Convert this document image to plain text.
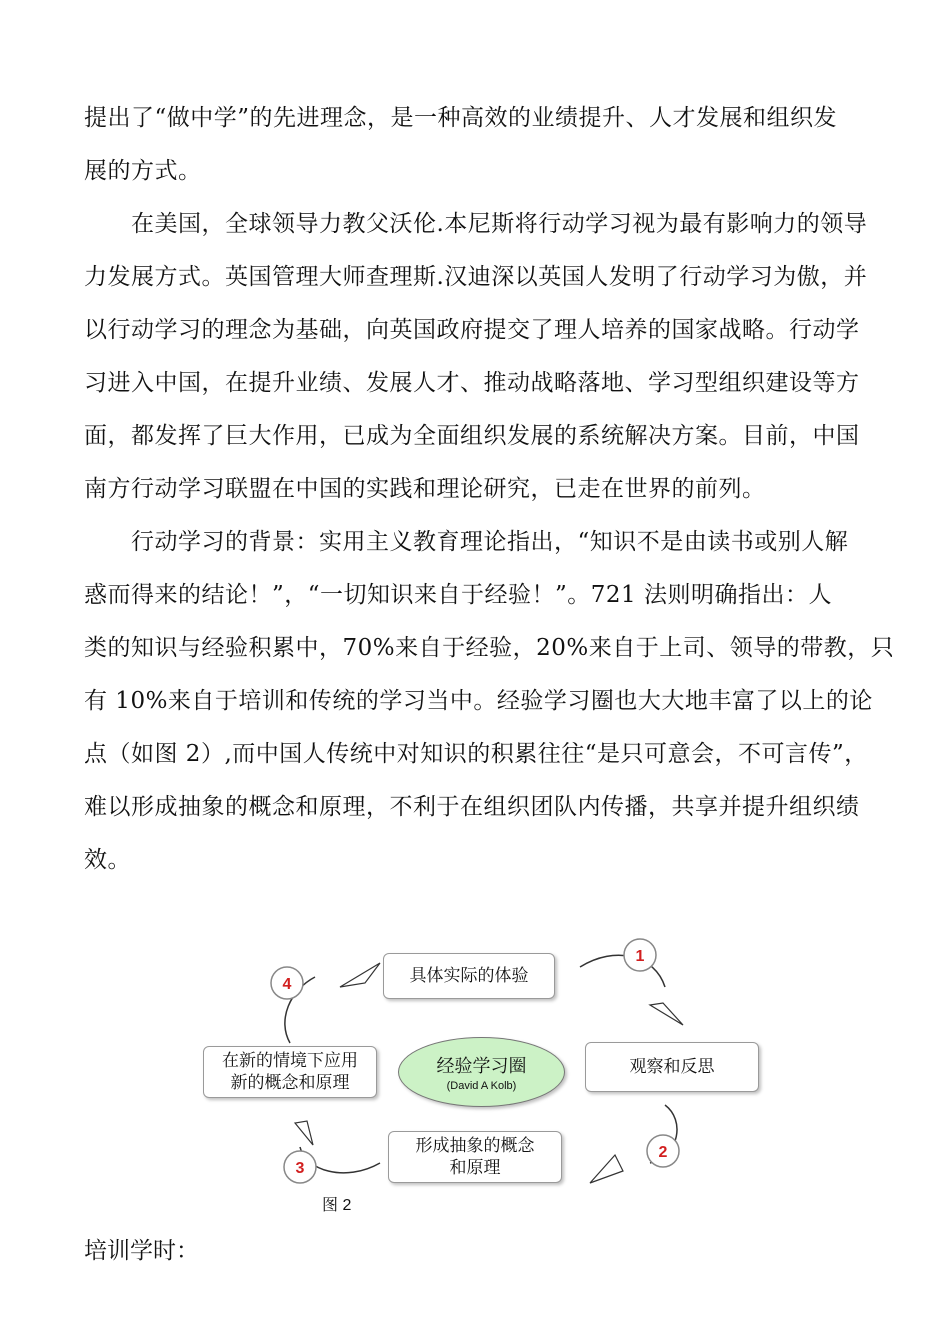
提出了“做中学”的先进理念，是一种高效的业绩提升、人才发展和组织发
展的方式。
　　在美国，全球领导力教父沃伦.本尼斯将行动学习视为最有影响力的领导
力发展方式。英国管理大师查理斯.汉迪深以英国人发明了行动学习为傲，并
以行动学习的理念为基础，向英国政府提交了理人培养的国家战略。行动学
习进入中国，在提升业绩、发展人才、推动战略落地、学习型组织建设等方
面，都发挥了巨大作用，已成为全面组织发展的系统解决方案。目前，中国
南方行动学习联盟在中国的实践和理论研究，已走在世界的前列。
　　行动学习的背景：实用主义教育理论指出，“知识不是由读书或别人解
惑而得来的结论！”，“一切知识来自于经验！”。721 法则明确指出：人
类的知识与经验积累中，70%来自于经验，20%来自于上司、领导的带教，只
有 10%来自于培训和传统的学习当中。经验学习圈也大大地丰富了以上的论
点（如图 2）,而中国人传统中对知识的积累往往“是只可意会，不可言传”，
难以形成抽象的概念和原理，不利于在组织团队内传播，共享并提升组织绩
效。
1
2
3
4	具体实际的体验
观察和反思
形成抽象的概念
和原理
在新的情境下应用
新的概念和原理
经验学习圈
(David A Kolb)
图 2
培训学时：
